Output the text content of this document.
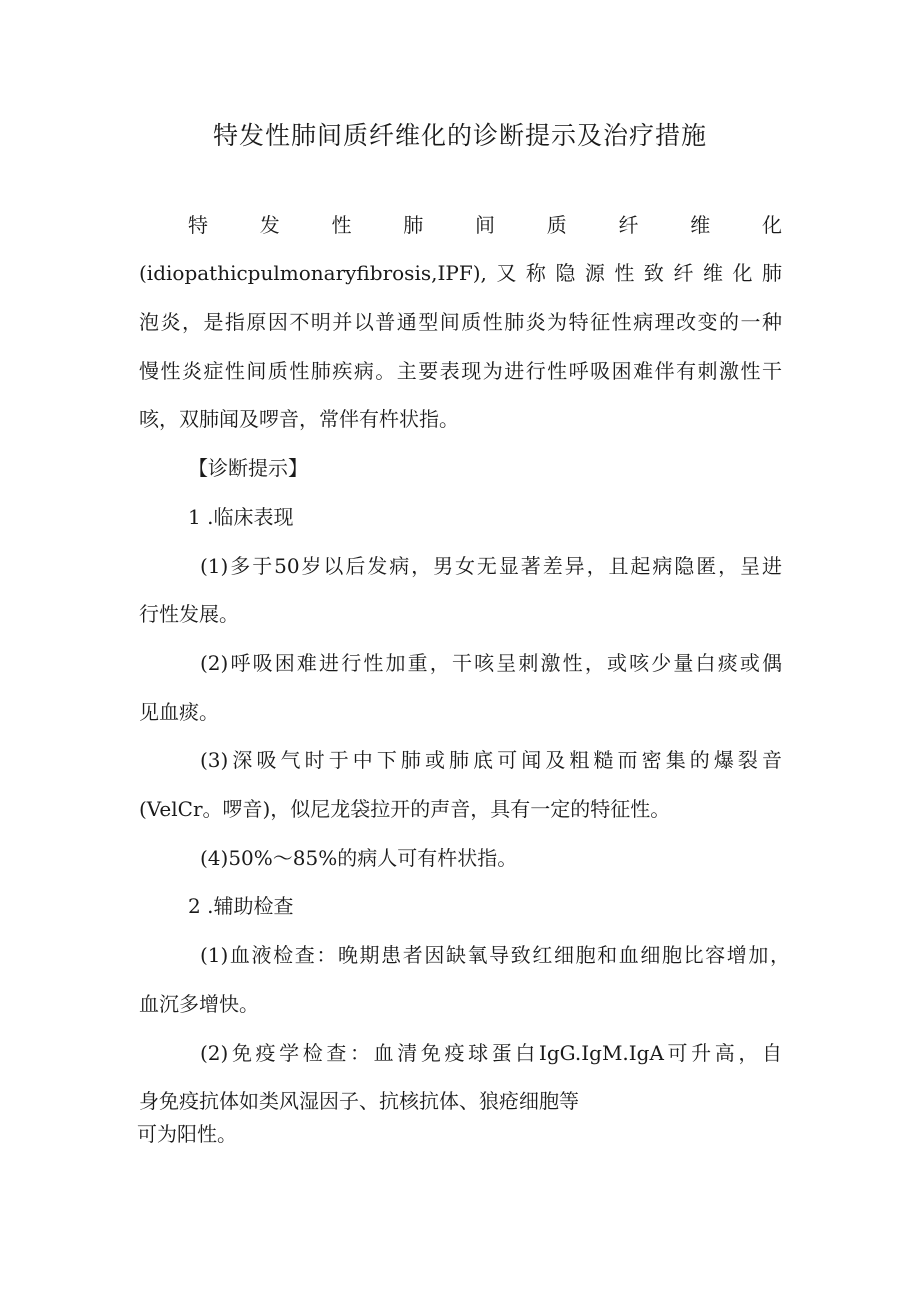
特发性肺间质纤维化的诊断提示及治疗措施
特	发	性	肺	间	质	纤	维	化

(idiopathicpulmonaryfibrosis,IPF),又称隐源性致纤维化肺

泡炎，是指原因不明并以普通型间质性肺炎为特征性病理改变的一种

慢性炎症性间质性肺疾病。主要表现为进行性呼吸困难伴有刺激性干

咳，双肺闻及啰音，常伴有杵状指。

【诊断提示】

1 .临床表现

(1)多于50岁以后发病，男女无显著差异，且起病隐匿，呈进

行性发展。

(2)呼吸困难进行性加重，干咳呈刺激性，或咳少量白痰或偶

见血痰。

(3)深吸气时于中下肺或肺底可闻及粗糙而密集的爆裂音

(VelCr。啰音)，似尼龙袋拉开的声音，具有一定的特征性。

(4)50%～85%的病人可有杵状指。

2 .辅助检查

(1)血液检查：晚期患者因缺氧导致红细胞和血细胞比容增加，

血沉多增快。

(2)免疫学检查：血清免疫球蛋白IgG.IgM.IgA可升高，自

身免疫抗体如类风湿因子、抗核抗体、狼疮细胞等

可为阳性。
